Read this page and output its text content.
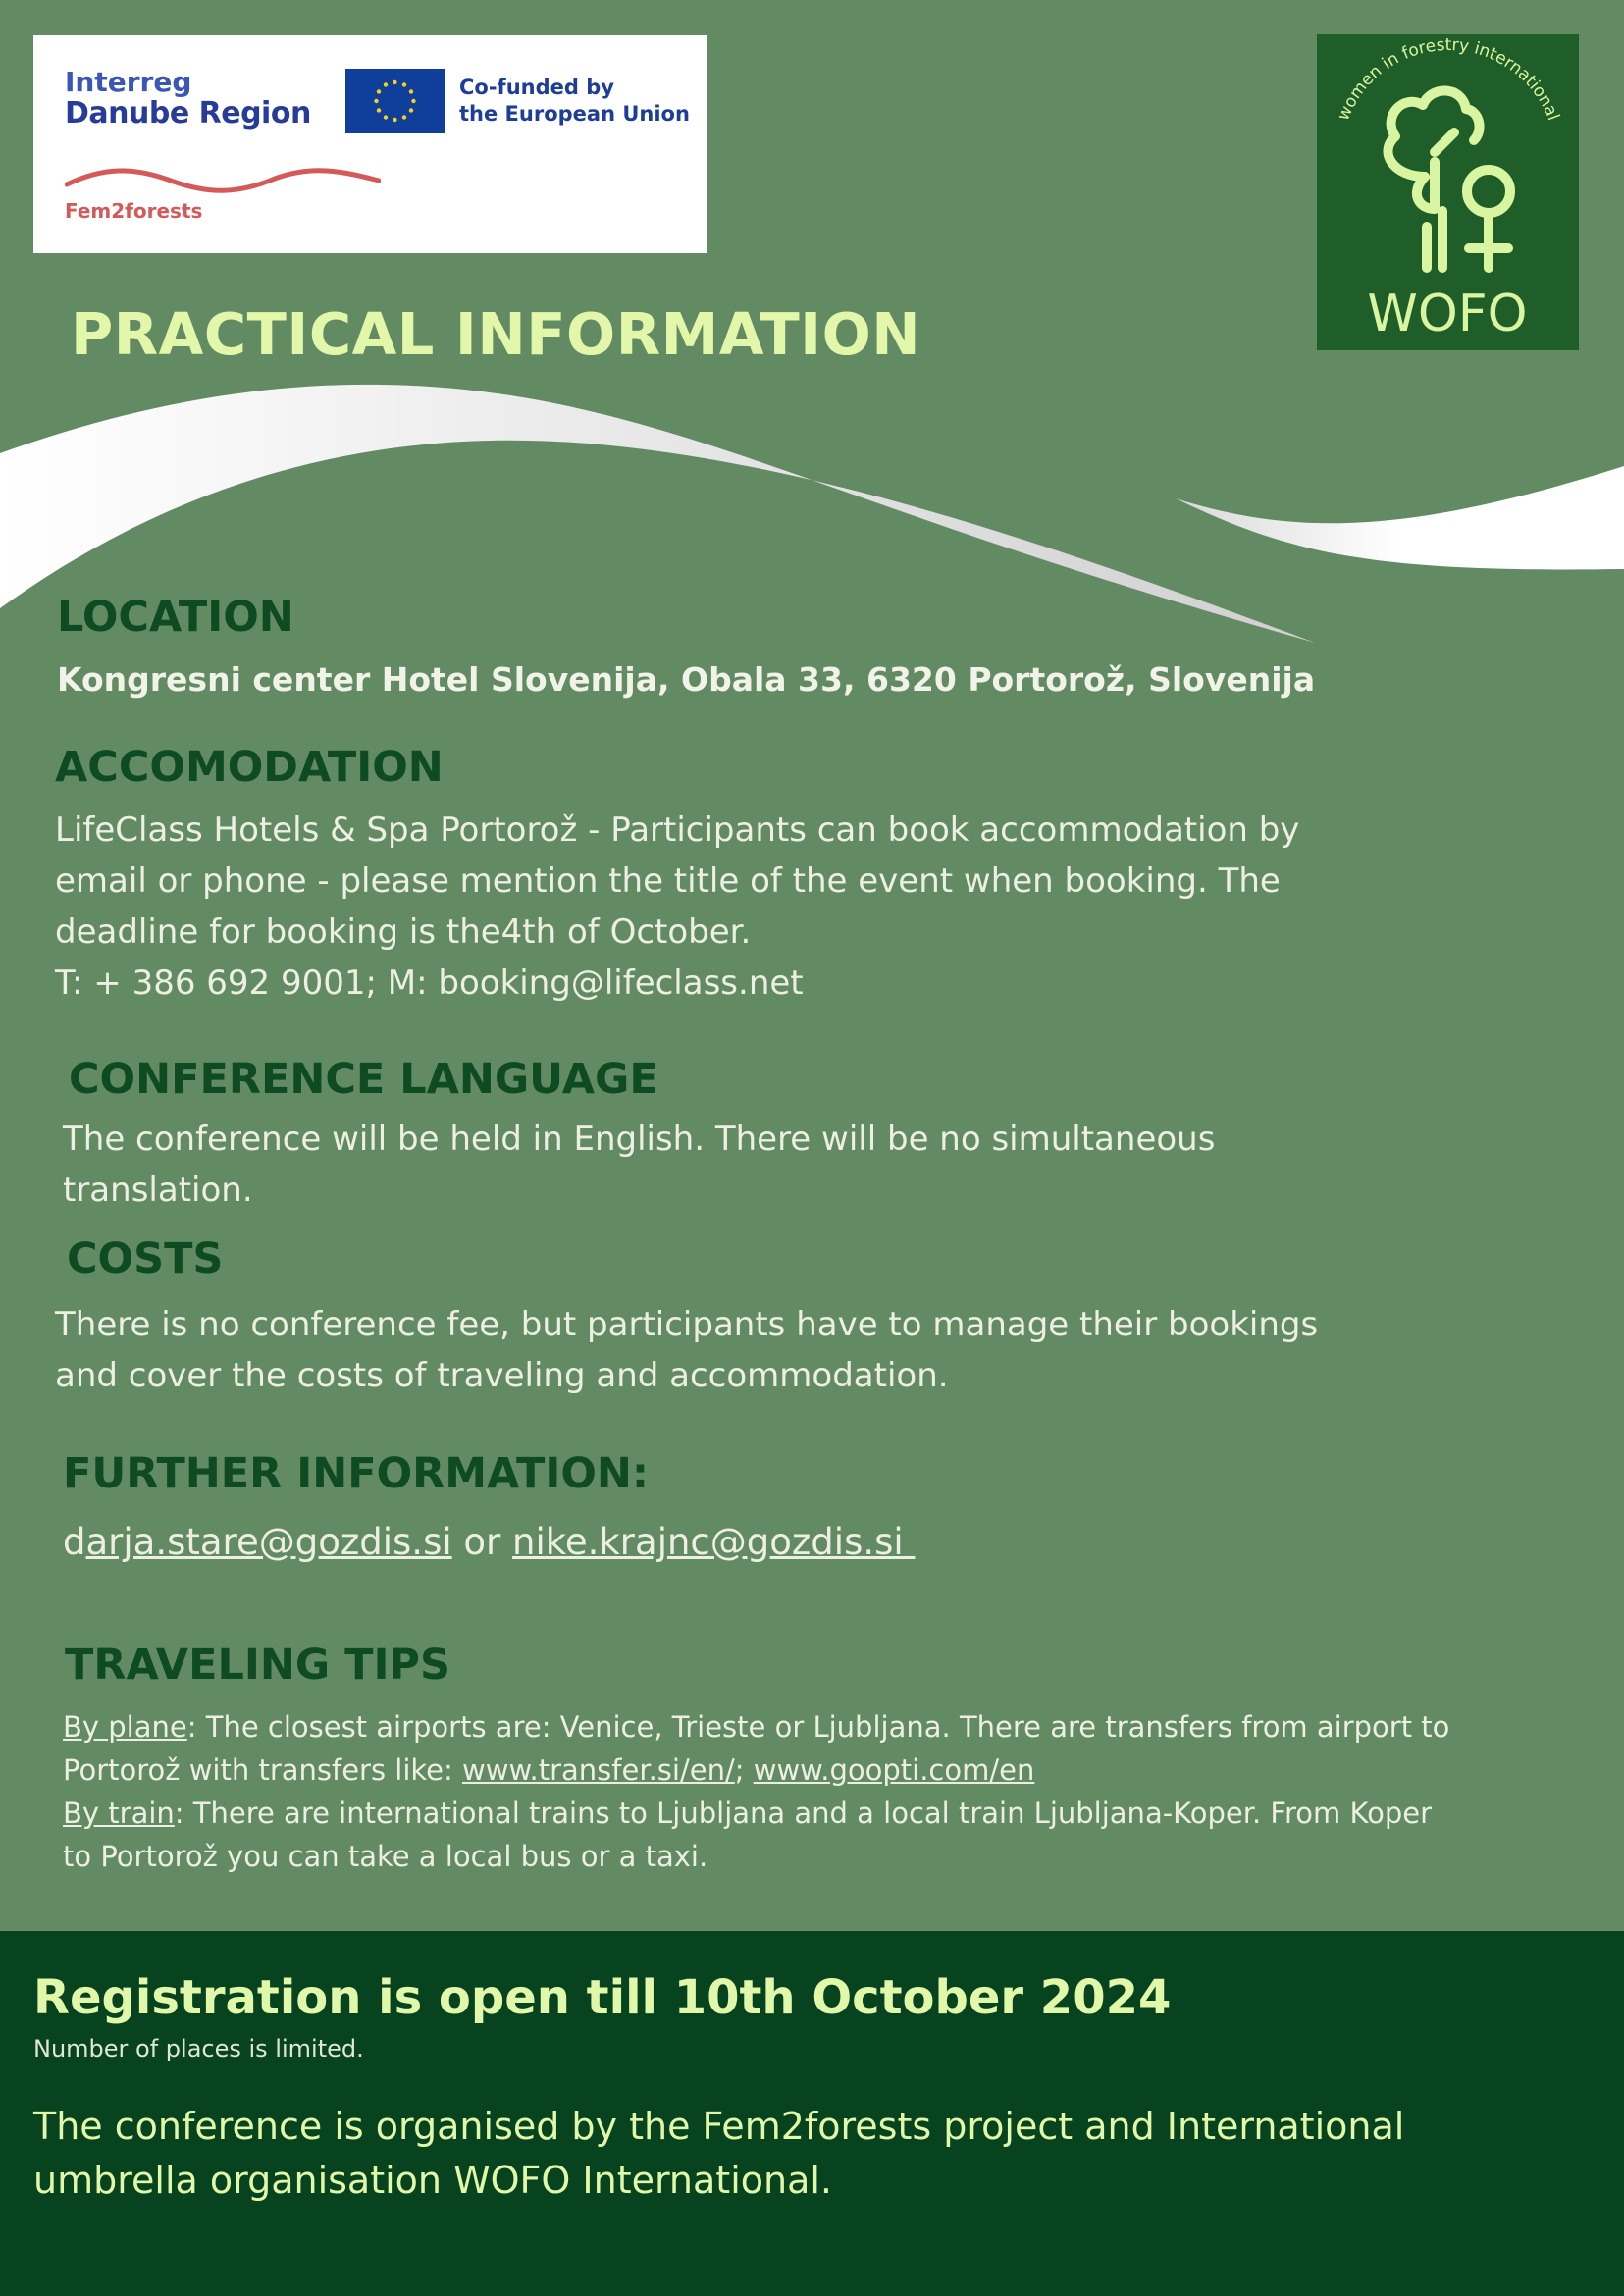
Interreg
Danube Region
Co-funded by
the European Union
Fem2forests
women in forestry international
WOFO
PRACTICAL INFORMATION
LOCATION
Kongresni center Hotel Slovenija, Obala 33, 6320 Portorož, Slovenija
ACCOMODATION
LifeClass Hotels & Spa Portorož - Participants can book accommodation by
email or phone - please mention the title of the event when booking. The
deadline for booking is the4th of October.
T: + 386 692 9001; M: booking@lifeclass.net
CONFERENCE LANGUAGE
The conference will be held in English. There will be no simultaneous
translation.
COSTS
There is no conference fee, but participants have to manage their bookings
and cover the costs of traveling and accommodation.
FURTHER INFORMATION:
darja.stare@gozdis.si or nike.krajnc@gozdis.si
TRAVELING TIPS
By plane: The closest airports are: Venice, Trieste or Ljubljana. There are transfers from airport to
Portorož with transfers like: www.transfer.si/en/; www.goopti.com/en
By train: There are international trains to Ljubljana and a local train Ljubljana-Koper. From Koper
to Portorož you can take a local bus or a taxi.
Registration is open till 10th October 2024
Number of places is limited.
The conference is organised by the Fem2forests project and International
umbrella organisation WOFO International.
